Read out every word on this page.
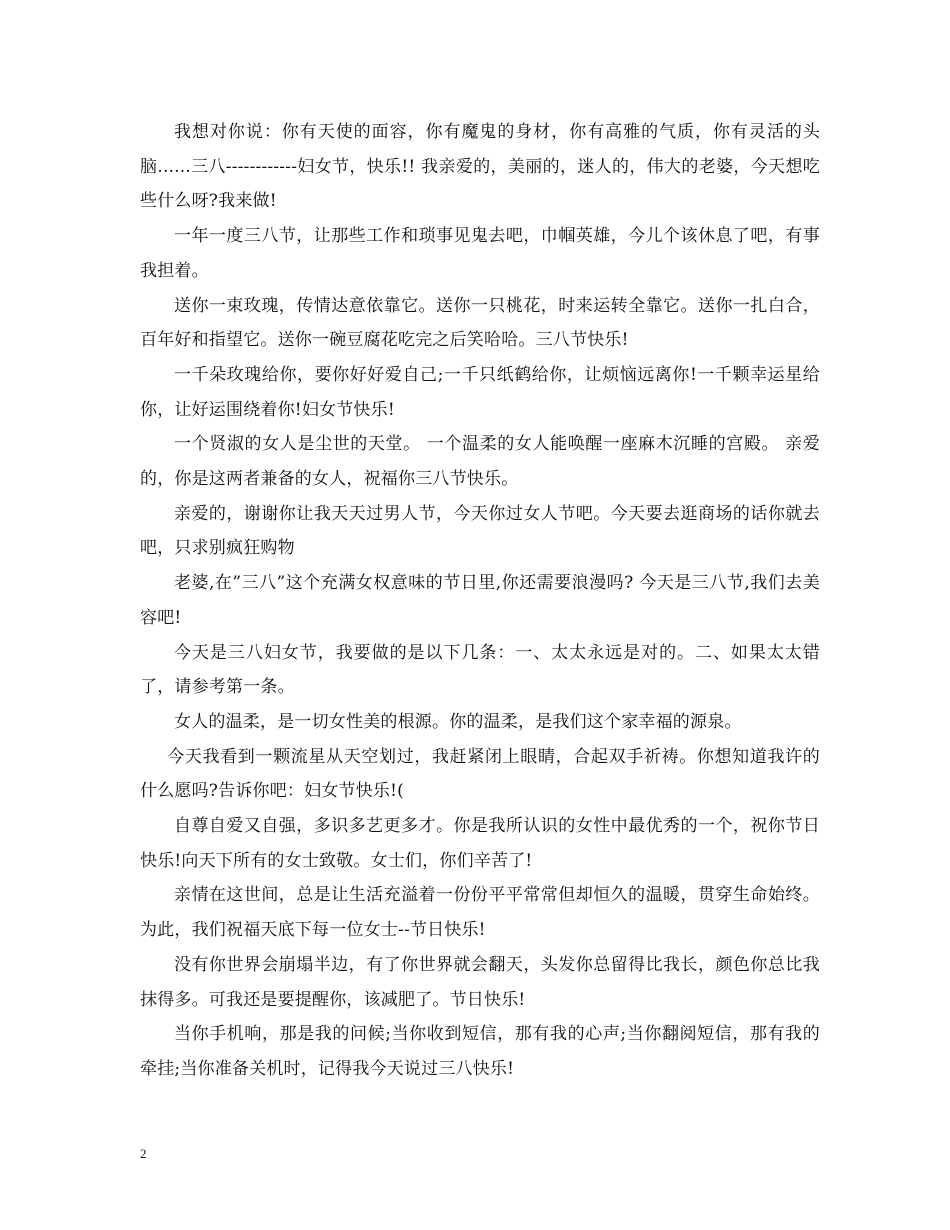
我想对你说：你有天使的面容，你有魔鬼的身材，你有高雅的气质，你有灵活的头脑......三八------------妇女节，快乐!! 我亲爱的，美丽的，迷人的，伟大的老婆，今天想吃些什么呀?我来做!

一年一度三八节，让那些工作和琐事见鬼去吧，巾帼英雄，今儿个该休息了吧，有事我担着。

送你一束玫瑰，传情达意依靠它。送你一只桃花，时来运转全靠它。送你一扎白合，百年好和指望它。送你一碗豆腐花吃完之后笑哈哈。三八节快乐!

一千朵玫瑰给你，要你好好爱自己;一千只纸鹤给你，让烦恼远离你!一千颗幸运星给你，让好运围绕着你!妇女节快乐!

一个贤淑的女人是尘世的天堂。 一个温柔的女人能唤醒一座麻木沉睡的宫殿。 亲爱的，你是这两者兼备的女人，祝福你三八节快乐。

亲爱的，谢谢你让我天天过男人节，今天你过女人节吧。今天要去逛商场的话你就去吧，只求别疯狂购物

老婆,在”三八”这个充满女权意味的节日里,你还需要浪漫吗? 今天是三八节,我们去美容吧!

今天是三八妇女节，我要做的是以下几条：一、太太永远是对的。二、如果太太错了，请参考第一条。

女人的温柔，是一切女性美的根源。你的温柔，是我们这个家幸福的源泉。

今天我看到一颗流星从天空划过，我赶紧闭上眼睛，合起双手祈祷。你想知道我许的什么愿吗?告诉你吧：妇女节快乐!(

自尊自爱又自强，多识多艺更多才。你是我所认识的女性中最优秀的一个，祝你节日快乐!向天下所有的女士致敬。女士们，你们辛苦了!

亲情在这世间，总是让生活充溢着一份份平平常常但却恒久的温暖，贯穿生命始终。为此，我们祝福天底下每一位女士--节日快乐!

没有你世界会崩塌半边，有了你世界就会翻天，头发你总留得比我长，颜色你总比我抹得多。可我还是要提醒你，该减肥了。节日快乐!

当你手机响，那是我的问候;当你收到短信，那有我的心声;当你翻阅短信，那有我的牵挂;当你准备关机时，记得我今天说过三八快乐!

2
